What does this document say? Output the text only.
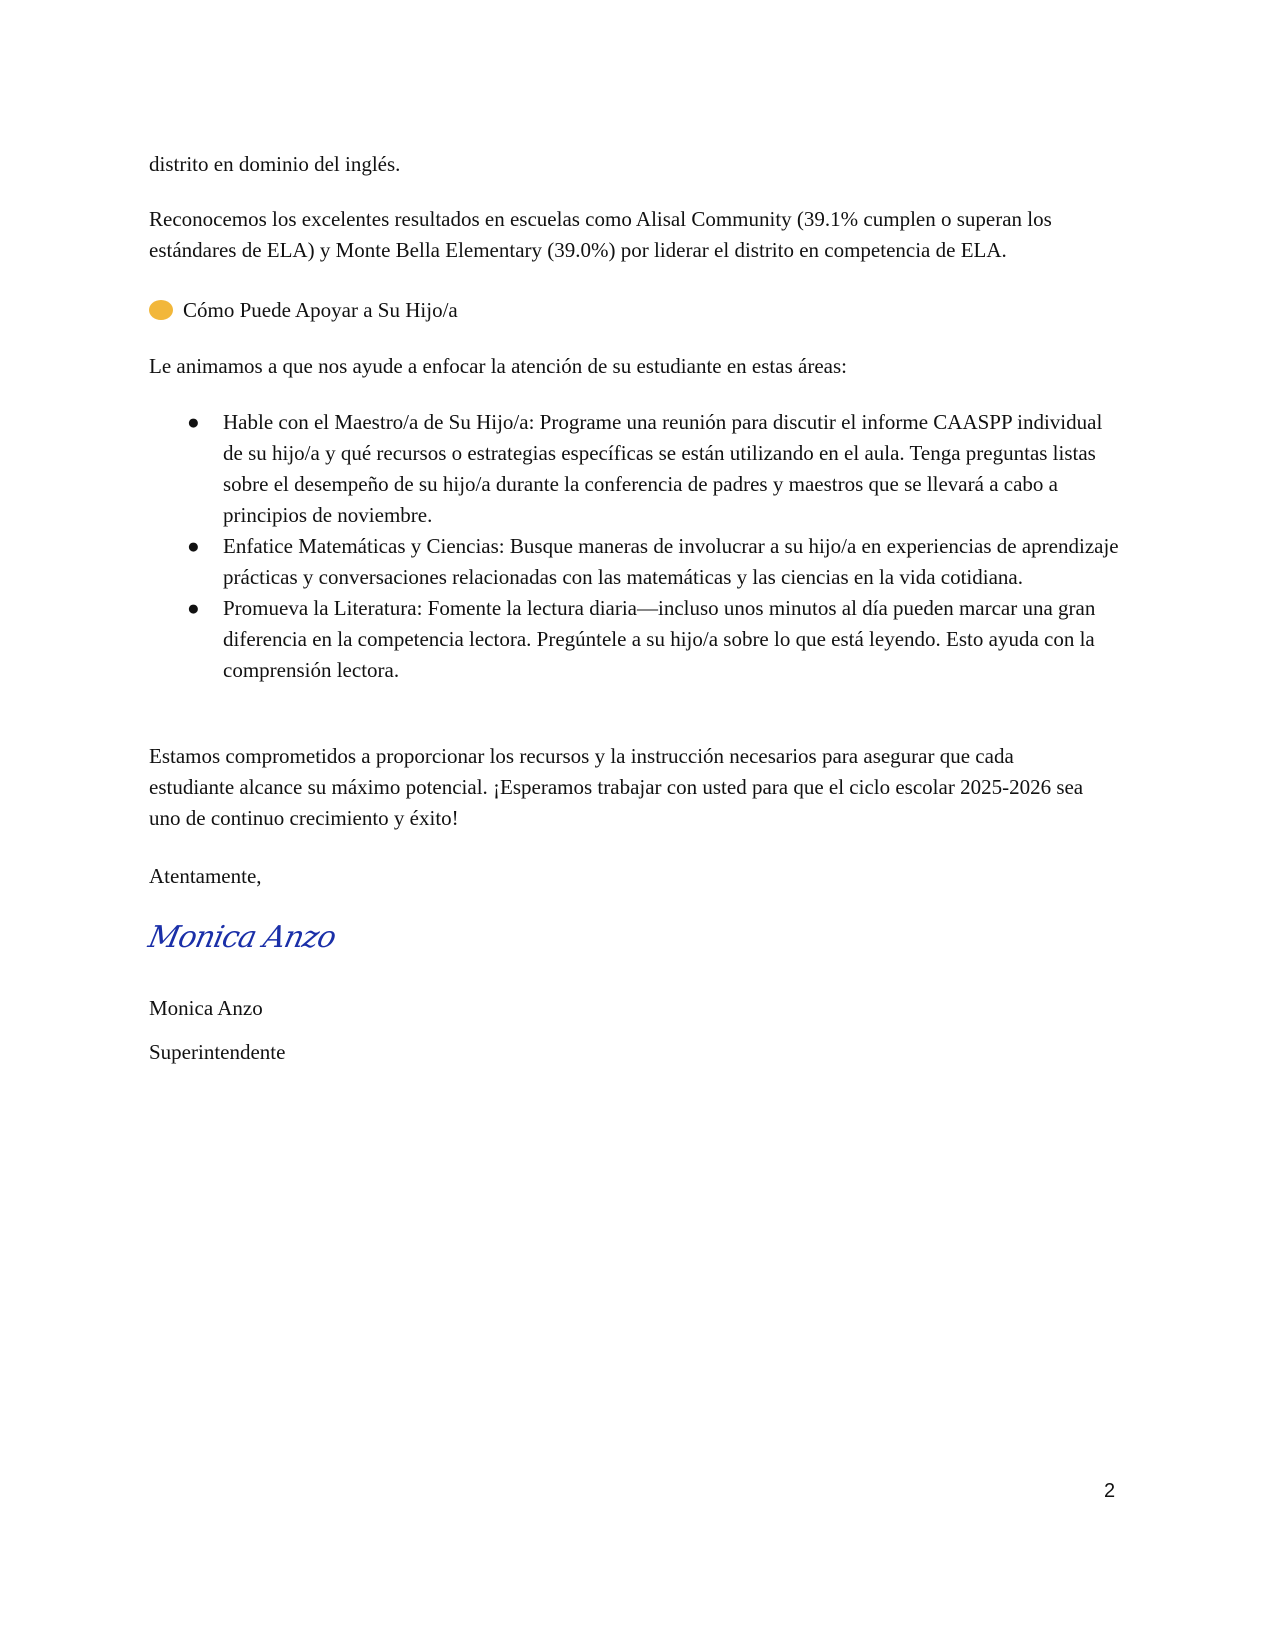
distrito en dominio del inglés.
Reconocemos los excelentes resultados en escuelas como Alisal Community (39.1% cumplen o superan los estándares de ELA) y Monte Bella Elementary (39.0%) por liderar el distrito en competencia de ELA.
Cómo Puede Apoyar a Su Hijo/a
Le animamos a que nos ayude a enfocar la atención de su estudiante en estas áreas:
● Hable con el Maestro/a de Su Hijo/a: Programe una reunión para discutir el informe CAASPP individual de su hijo/a y qué recursos o estrategias específicas se están utilizando en el aula. Tenga preguntas listas sobre el desempeño de su hijo/a durante la conferencia de padres y maestros que se llevará a cabo a principios de noviembre.
● Enfatice Matemáticas y Ciencias: Busque maneras de involucrar a su hijo/a en experiencias de aprendizaje prácticas y conversaciones relacionadas con las matemáticas y las ciencias en la vida cotidiana.
● Promueva la Literatura: Fomente la lectura diaria—incluso unos minutos al día pueden marcar una gran diferencia en la competencia lectora. Pregúntele a su hijo/a sobre lo que está leyendo. Esto ayuda con la comprensión lectora.
Estamos comprometidos a proporcionar los recursos y la instrucción necesarios para asegurar que cada estudiante alcance su máximo potencial. ¡Esperamos trabajar con usted para que el ciclo escolar 2025-2026 sea uno de continuo crecimiento y éxito!
Atentamente,
Monica Anzo
Monica Anzo
Superintendente
2
